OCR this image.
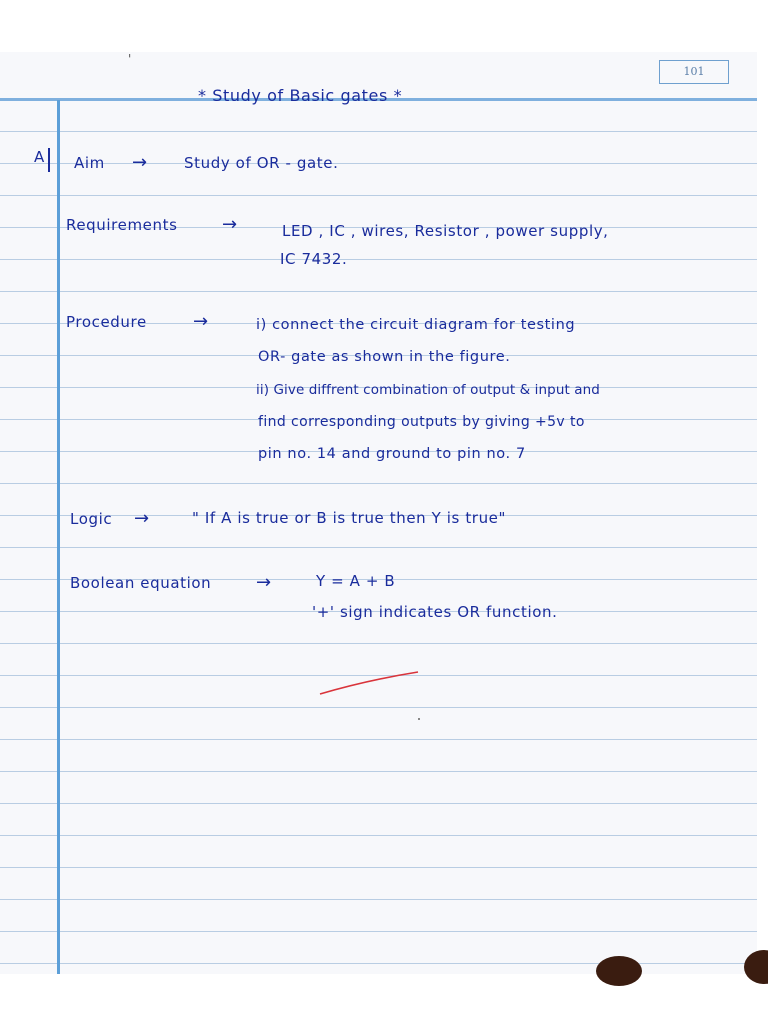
101
'
* Study of Basic gates *
A Aim → Study of OR - gate.
Requirements →	LED , IC , wires, Resistor , power supply,
IC 7432.
Procedure	→	i) connect the circuit diagram for testing
OR- gate as shown in the figure.
ii) Give diffrent combination of output & input and
find corresponding outputs by giving +5v to
pin no. 14 and ground to pin no. 7
Logic →	" If A is true or B is true then Y is true"
Boolean equation →	Y = A + B
'+' sign indicates OR function.
